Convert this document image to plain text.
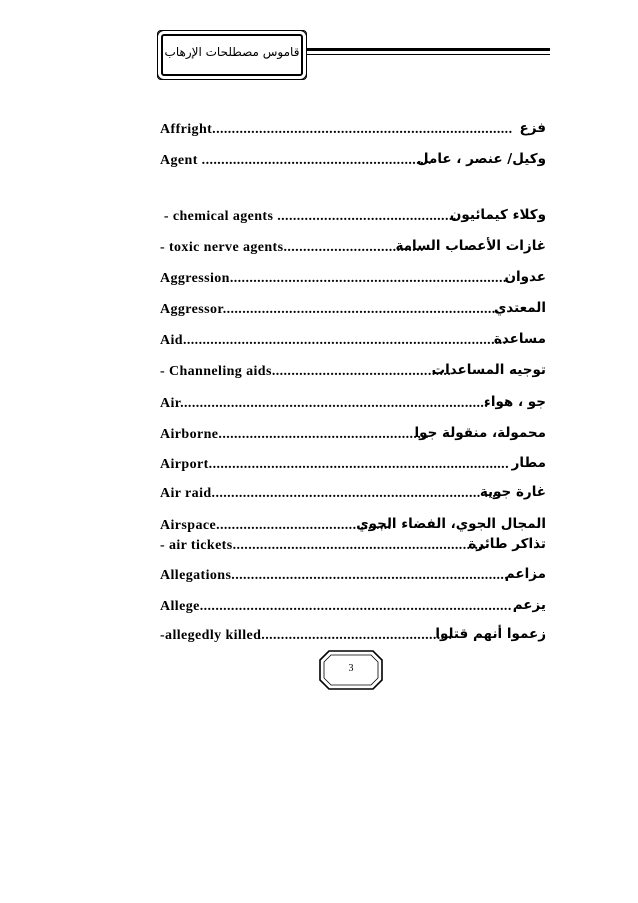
قاموس مصطلحات الإرهاب
Affright............................................................................. فزع
Agent ...........................................................
وكيل/ عنصر ، عامل
- chemical agents ...............................................
وكلاء كيمائيون
- toxic nerve agents....................................
غازات الأعصاب السامة
Aggression.......................................................................
عدوان
Aggressor.......................................................................
المعتدي
Aid...................................................................................
مساعدة
- Channeling aids..............................................
توجيه المساعدات
Air...............................................................................
جو ، هواء
Airborne......................................................
محمولة، منقولة جوا
Airport............................................................................. مطار
Air raid..................................................................... ...
غارة جوية
Airspace.............................................
المجال الجوي، الفضاء الجوي
- air tickets.................................................................
تذاكر طائرة
Allegations.......................................................................
مزاعم
Allege................................................................................ يزعم
-allegedly killed.................................................
زعموا أنهم قتلوا
3
